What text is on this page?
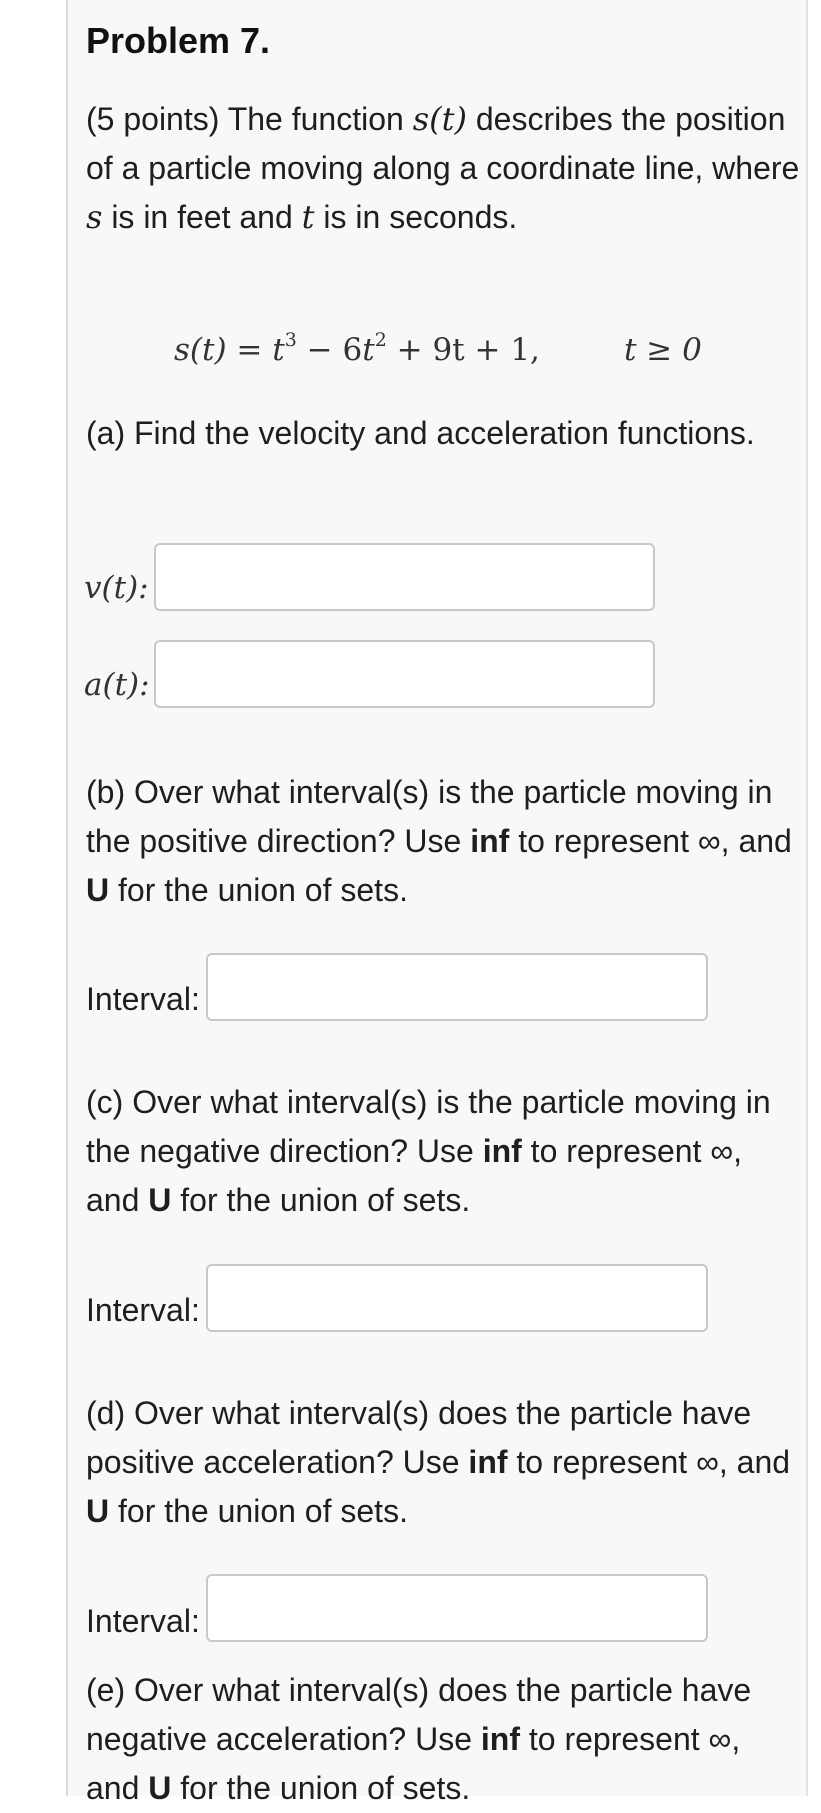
Problem 7.

(5 points) The function s(t) describes the position of a particle moving along a coordinate line, where s is in feet and t is in seconds.

$s(t) = t^3 - 6t^2 + 9t + 1$,	t ≥ 0

(a) Find the velocity and acceleration functions.

v(t):
a(t):

(b) Over what interval(s) is the particle moving in the positive direction? Use inf to represent ∞, and U for the union of sets.

Interval:

(c) Over what interval(s) is the particle moving in the negative direction? Use inf to represent ∞, and U for the union of sets.

Interval:

(d) Over what interval(s) does the particle have positive acceleration? Use inf to represent ∞, and U for the union of sets.

Interval:

(e) Over what interval(s) does the particle have negative acceleration? Use inf to represent ∞, and U for the union of sets.
